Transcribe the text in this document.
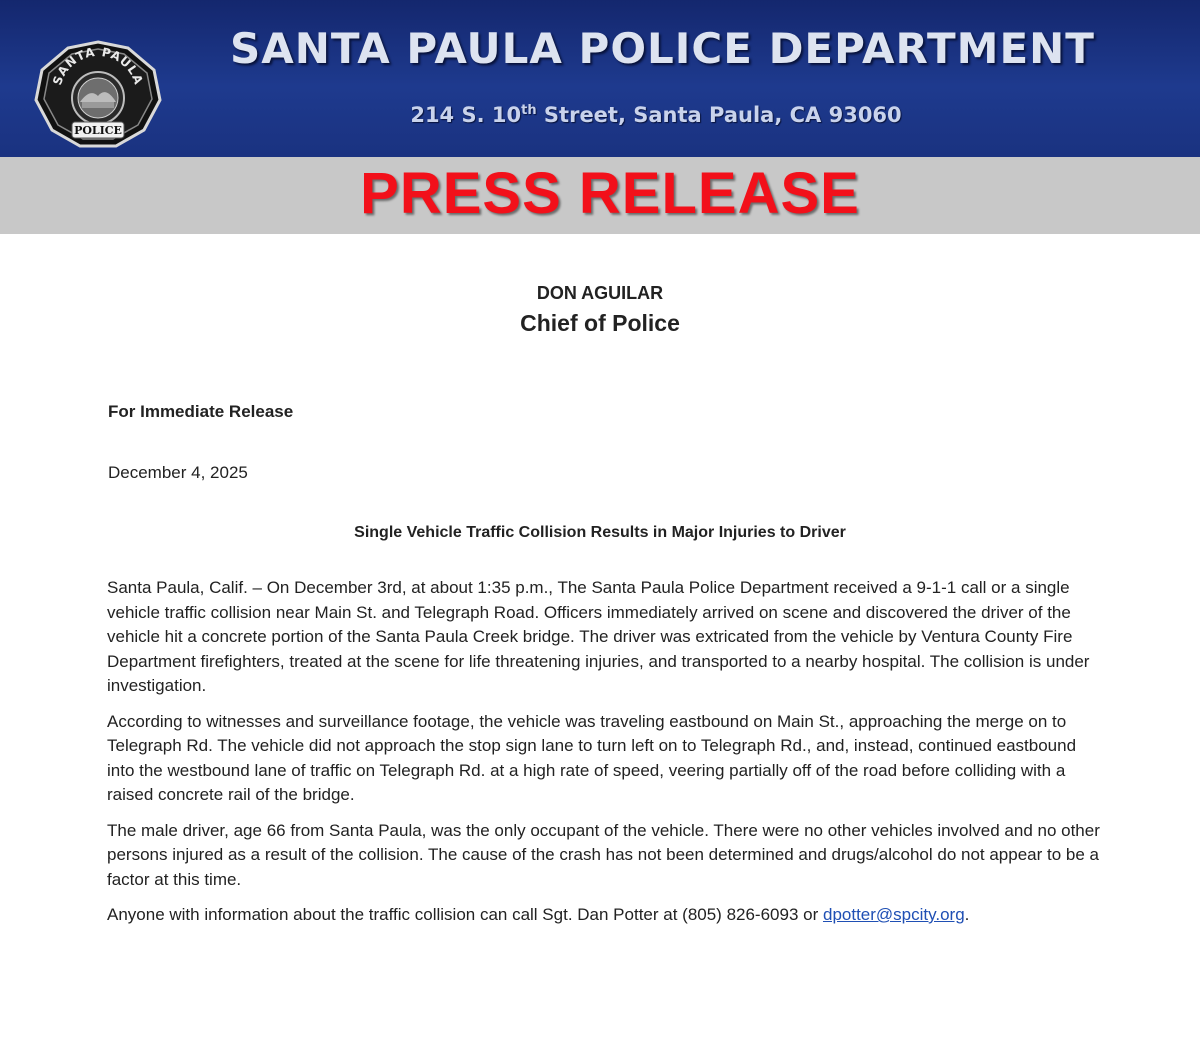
SANTA PAULA
POLICE
SANTA PAULA POLICE DEPARTMENT
214 S. 10th Street, Santa Paula, CA 93060
PRESS RELEASE
DON AGUILAR
Chief of Police
For Immediate Release
December 4, 2025
Single Vehicle Traffic Collision Results in Major Injuries to Driver

Santa Paula, Calif. – On December 3rd, at about 1:35 p.m., The Santa Paula Police Department received a 9-1-1 call or a single vehicle traffic collision near Main St. and Telegraph Road. Officers immediately arrived on scene and discovered the driver of the vehicle hit a concrete portion of the Santa Paula Creek bridge. The driver was extricated from the vehicle by Ventura County Fire Department firefighters, treated at the scene for life threatening injuries, and transported to a nearby hospital. The collision is under investigation.

According to witnesses and surveillance footage, the vehicle was traveling eastbound on Main St., approaching the merge on to Telegraph Rd. The vehicle did not approach the stop sign lane to turn left on to Telegraph Rd., and, instead, continued eastbound into the westbound lane of traffic on Telegraph Rd. at a high rate of speed, veering partially off of the road before colliding with a raised concrete rail of the bridge.

The male driver, age 66 from Santa Paula, was the only occupant of the vehicle. There were no other vehicles involved and no other persons injured as a result of the collision. The cause of the crash has not been determined and drugs/alcohol do not appear to be a factor at this time.

Anyone with information about the traffic collision can call Sgt. Dan Potter at (805) 826-6093 or dpotter@spcity.org.
